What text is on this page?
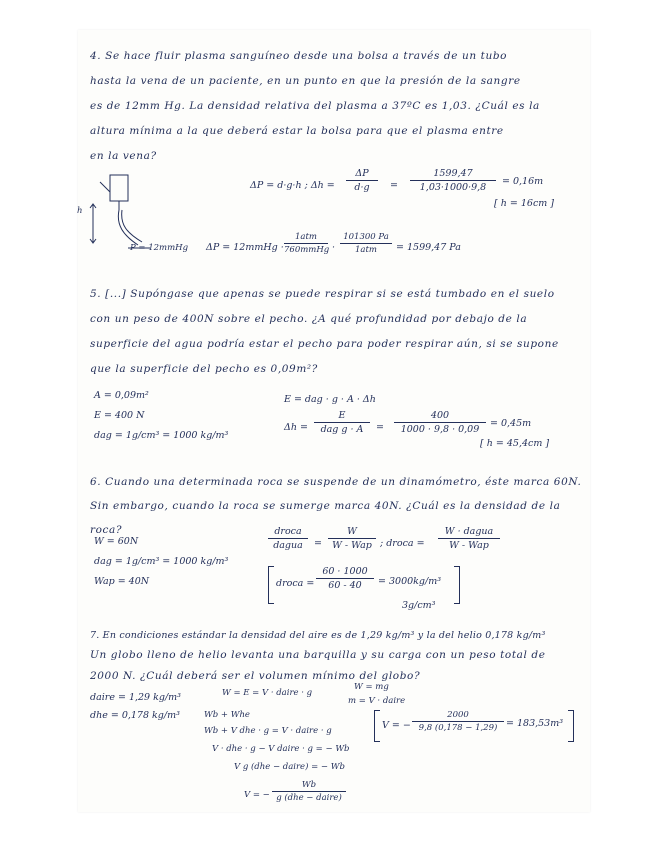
4. Se hace fluir plasma sanguíneo desde una bolsa a través de un tubo
hasta la vena de un paciente, en un punto en que la presión de la sangre
es de 12mm Hg. La densidad relativa del plasma a 37ºC es 1,03. ¿Cuál es la
altura mínima a la que deberá estar la bolsa para que el plasma entre
en la vena?
h
P = 12mmHg
ΔP = d·g·h ; Δh =
ΔP
d·g	=
1599,47
1,03·1000·9,8
= 0,16m
[ h = 16cm ]
ΔP = 12mmHg ·
1atm
760mmHg ·
101300 Pa
1atm	= 1599,47 Pa
5. [...] Supóngase que apenas se puede respirar si se está tumbado en el suelo
con un peso de 400N sobre el pecho. ¿A qué profundidad por debajo de la
superficie del agua podría estar el pecho para poder respirar aún, si se supone
que la superficie del pecho es 0,09m²?
A = 0,09m²
E = 400 N
dag = 1g/cm³ = 1000 kg/m³
E = dag · g · A · Δh
Δh =
E
dag g · A	=
400
1000 · 9,8 · 0,09
= 0,45m
[ h = 45,4cm ]
6. Cuando una determinada roca se suspende de un dinamómetro, éste marca 60N.
Sin embargo, cuando la roca se sumerge marca 40N. ¿Cuál es la densidad de la
roca?
W = 60N
dag = 1g/cm³ = 1000 kg/m³
Wap = 40N
droca
dagua	=
W
W - Wap ; droca =
W · dagua
W - Wap
droca =
60 · 1000
60 - 40	= 3000kg/m³
3g/cm³
7. En condiciones estándar la densidad del aire es de 1,29 kg/m³ y la del helio 0,178 kg/m³
Un globo lleno de helio levanta una barquilla y su carga con un peso total de
2000 N. ¿Cuál deberá ser el volumen mínimo del globo?
daire = 1,29 kg/m³
dhe = 0,178 kg/m³
W = E = V · daire · g
W = mg
m = V · daire
Wb + Whe
Wb + V dhe · g = V · daire · g
V · dhe · g − V daire · g = − Wb
V g (dhe − daire) = − Wb
V = −
Wb
g (dhe − daire)
V = −
2000
9,8 (0,178 − 1,29) = 183,53m³
